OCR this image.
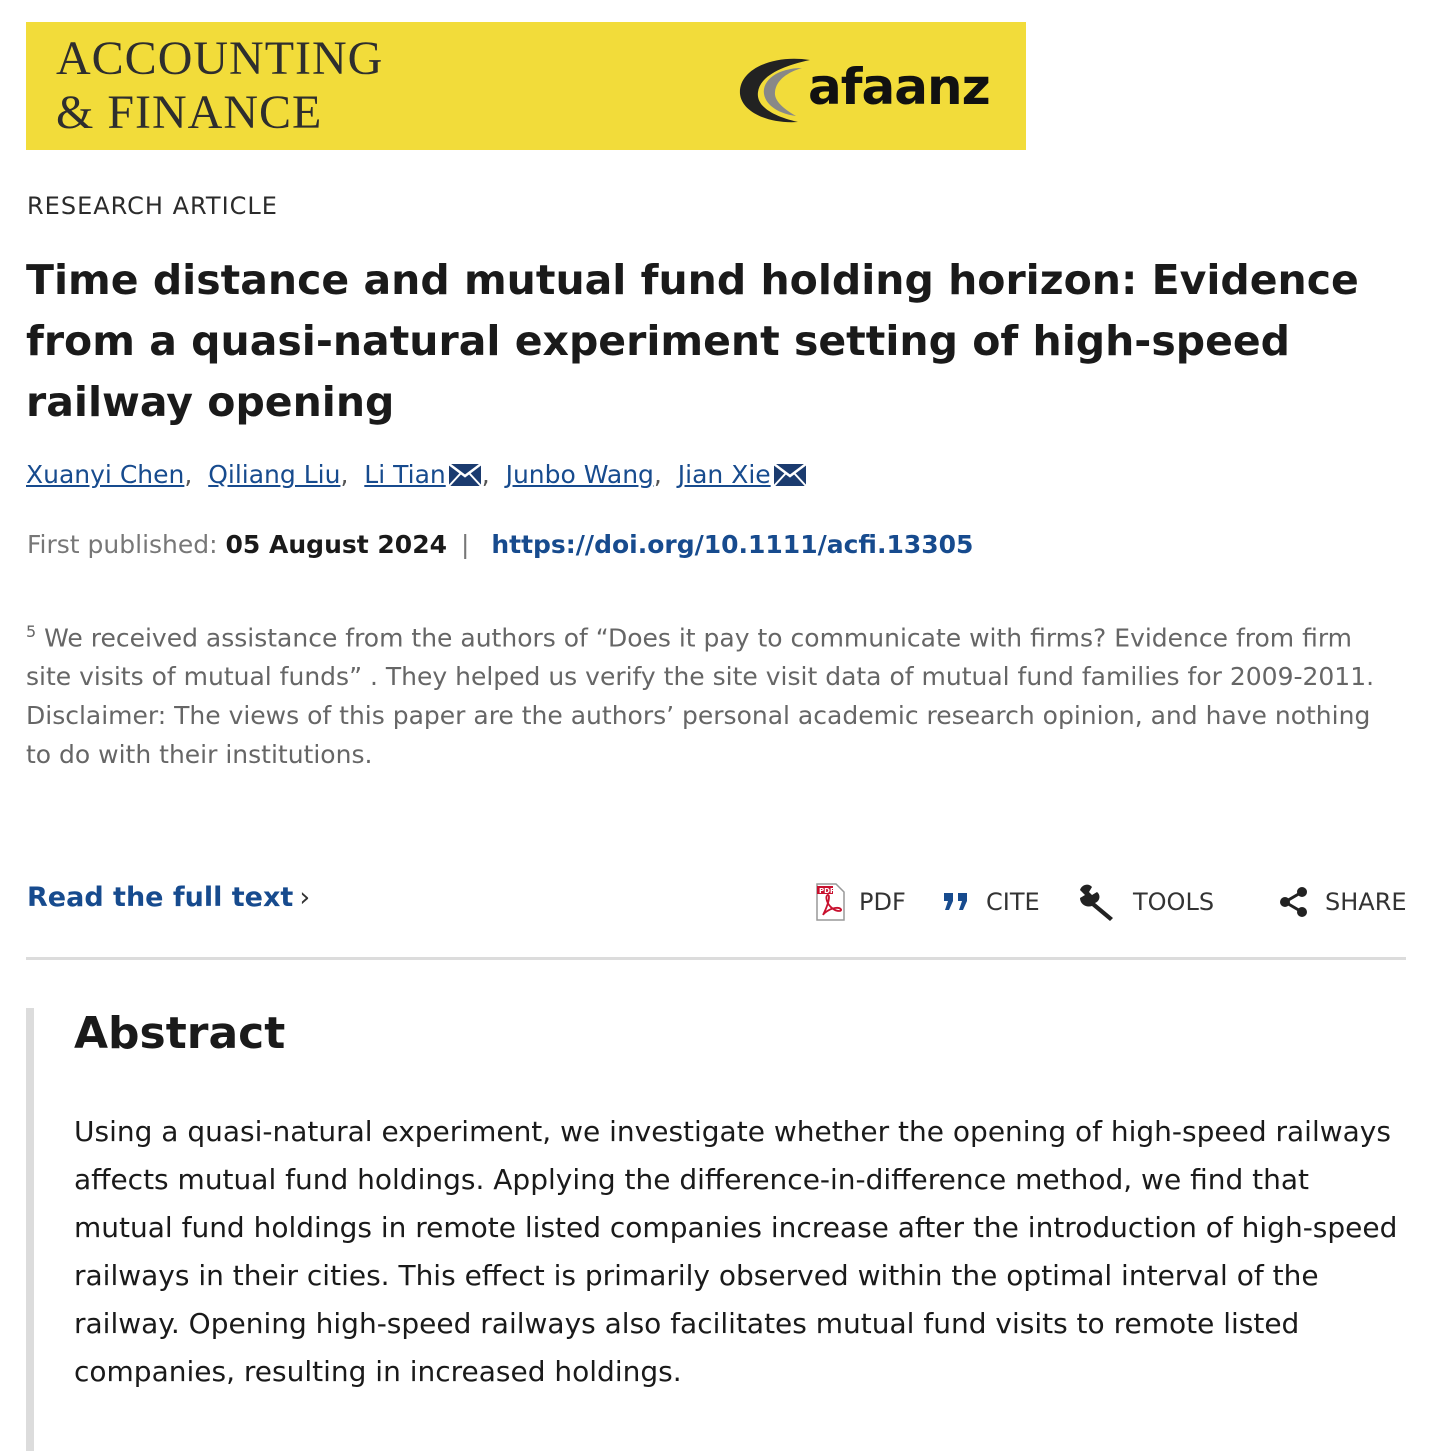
ACCOUNTING
& FINANCE	afaanz
RESEARCH ARTICLE
Time distance and mutual fund holding horizon: Evidence from a quasi-natural experiment setting of high-speed railway opening
Xuanyi Chen, Qiliang Liu, Li Tian , Junbo Wang, Jian Xie
First published: 05 August 2024 | https://doi.org/10.1111/acfi.13305

$^5$ We received assistance from the authors of “Does it pay to communicate with firms? Evidence from firm site visits of mutual funds” . They helped us verify the site visit data of mutual fund families for 2009-2011.

Disclaimer: The views of this paper are the authors’ personal academic research opinion, and have nothing to do with their institutions.

Read the full text ›	PDF PDF	CITE	TOOLS	SHARE
Abstract

Using a quasi-natural experiment, we investigate whether the opening of high-speed railways affects mutual fund holdings. Applying the difference-in-difference method, we find that mutual fund holdings in remote listed companies increase after the introduction of high-speed railways in their cities. This effect is primarily observed within the optimal interval of the railway. Opening high-speed railways also facilitates mutual fund visits to remote listed companies, resulting in increased holdings.
